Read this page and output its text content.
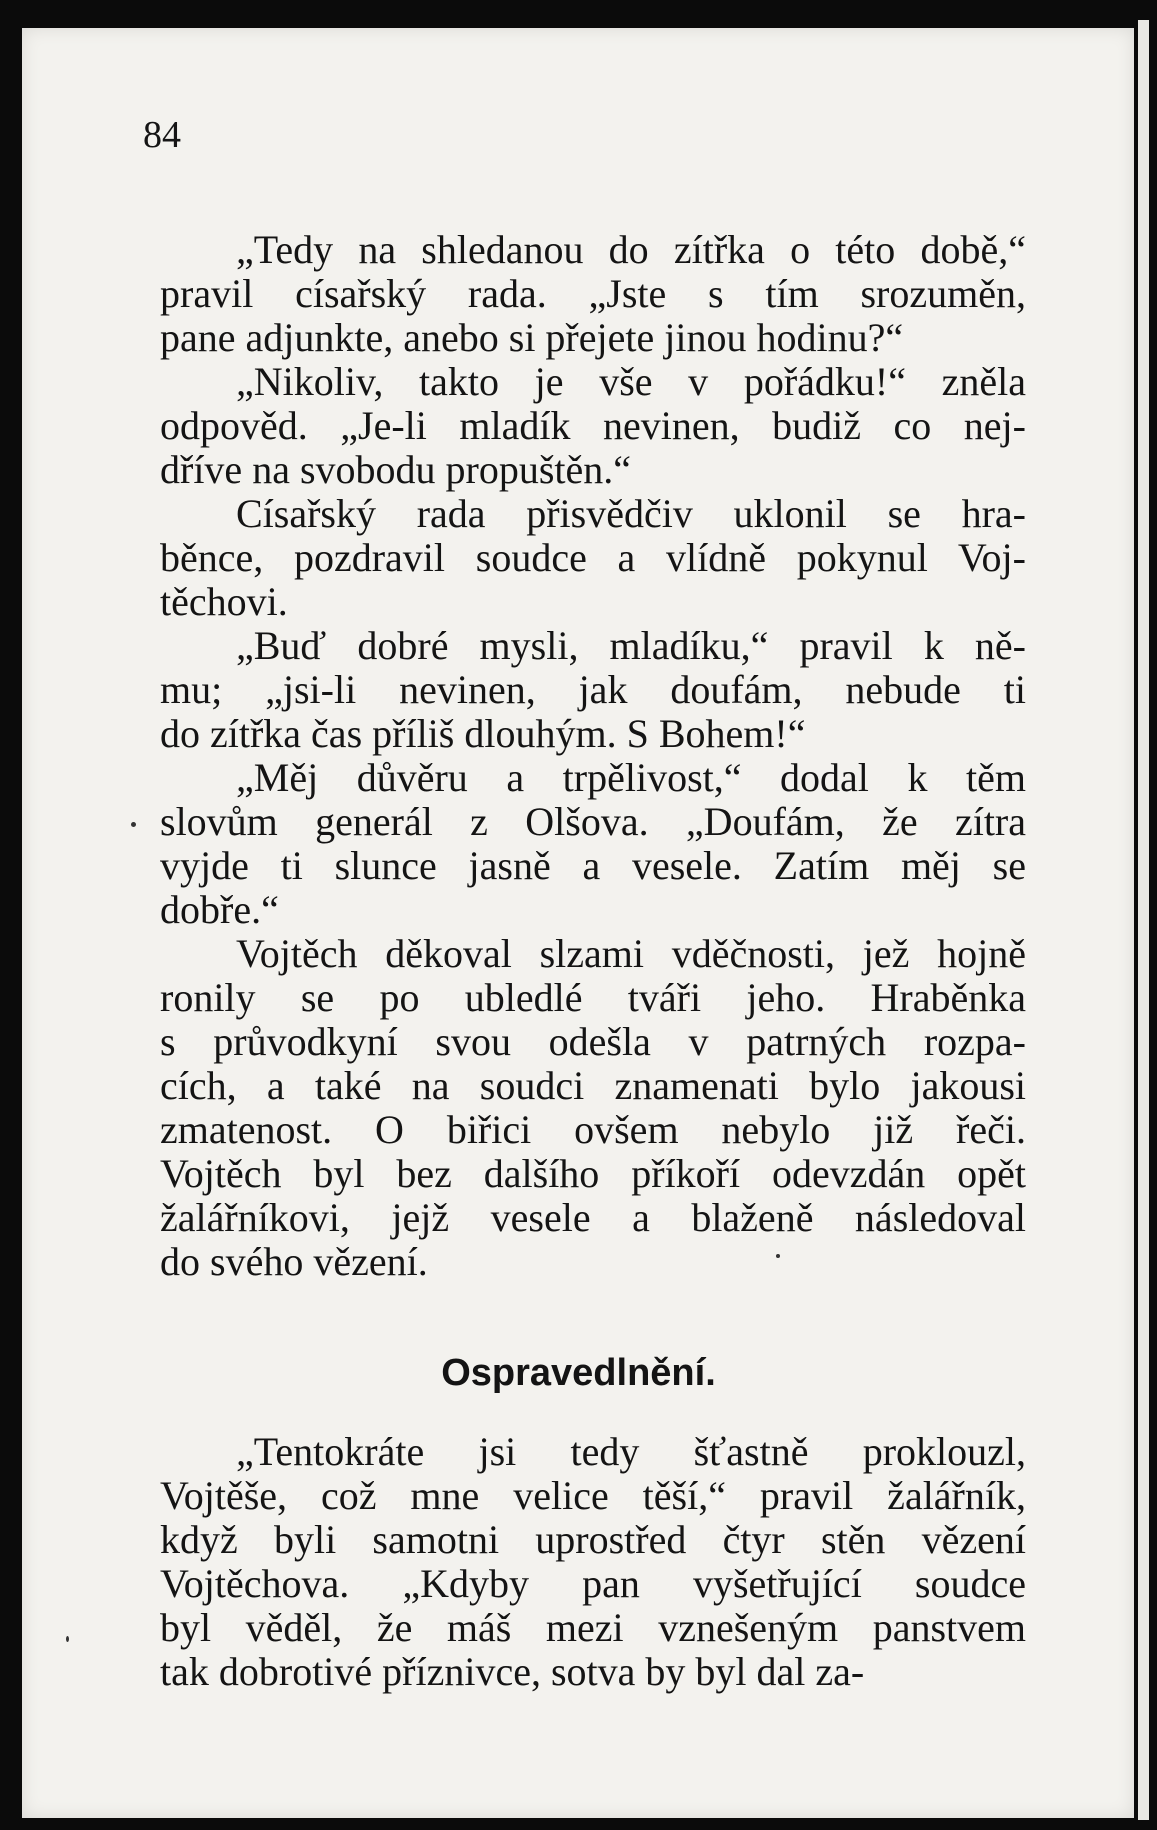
84
„Tedy na shledanou do zítřka o této době,“
pravil císařský rada. „Jste s tím srozuměn,
pane adjunkte, anebo si přejete jinou hodinu?“
„Nikoliv, takto je vše v pořádku!“ zněla
odpověd. „Je-li mladík nevinen, budiž co nej-
dříve na svobodu propuštěn.“
Císařský rada přisvědčiv uklonil se hra-
běnce, pozdravil soudce a vlídně pokynul Voj-
těchovi.
„Buď dobré mysli, mladíku,“ pravil k ně-
mu; „jsi-li nevinen, jak doufám, nebude ti
do zítřka čas příliš dlouhým. S Bohem!“
„Měj důvěru a trpělivost,“ dodal k těm
slovům generál z Olšova. „Doufám, že zítra
vyjde ti slunce jasně a vesele. Zatím měj se
dobře.“
Vojtěch děkoval slzami vděčnosti, jež hojně
ronily se po ubledlé tváři jeho. Hraběnka
s průvodkyní svou odešla v patrných rozpa-
cích, a také na soudci znamenati bylo jakousi
zmatenost. O biřici ovšem nebylo již řeči.
Vojtěch byl bez dalšího příkoří odevzdán opět
žalářníkovi, jejž vesele a blaženě následoval
do svého vězení.
Ospravedlnění.
„Tentokráte jsi tedy šťastně proklouzl,
Vojtěše, což mne velice těší,“ pravil žalářník,
když byli samotni uprostřed čtyr stěn vězení
Vojtěchova. „Kdyby pan vyšetřující soudce
byl věděl, že máš mezi vznešeným panstvem
tak dobrotivé příznivce, sotva by byl dal za-
